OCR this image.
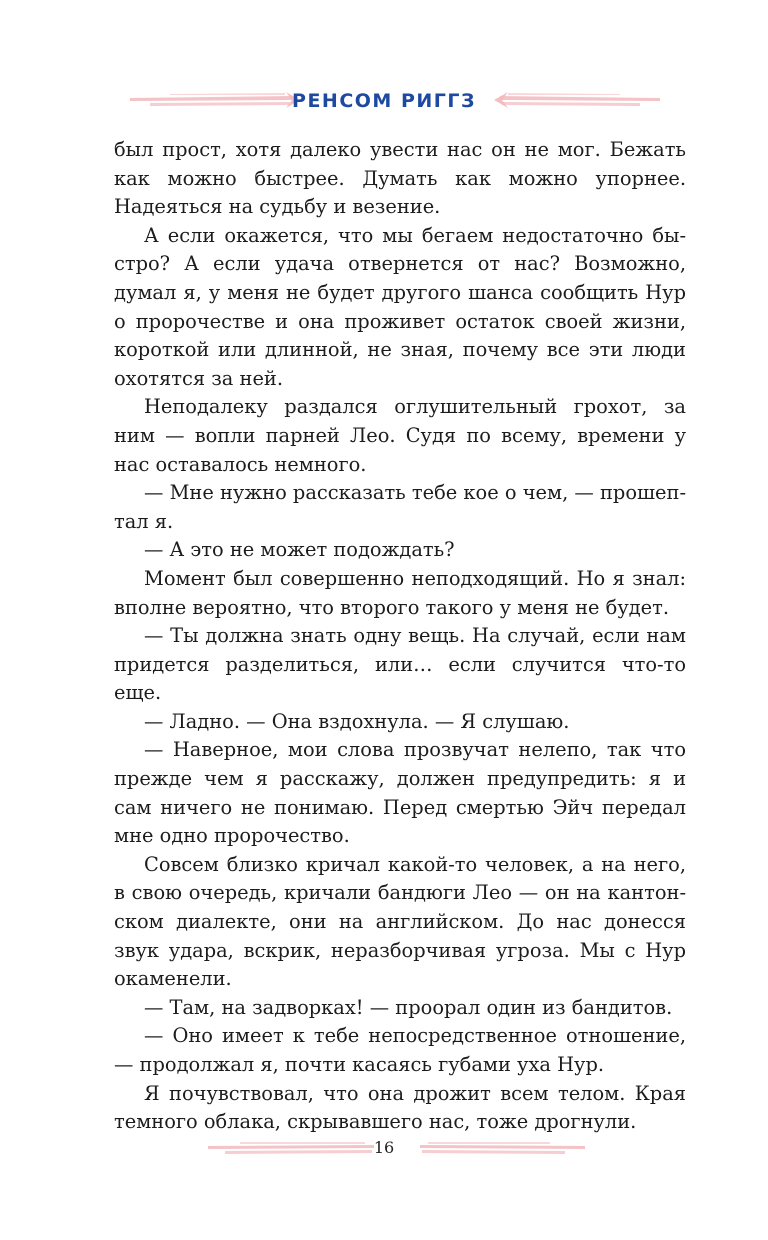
РЕНСОМ РИГГЗ

был прост, хотя далеко увести нас он не мог. Бежать как можно быстрее. Думать как можно упорнее. Надеяться на судьбу и везение.

А если окажется, что мы бегаем недостаточно быстро? А если удача отвернется от нас? Возможно, думал я, у меня не будет другого шанса сообщить Нур о пророчестве и она проживет остаток своей жизни, короткой или длинной, не зная, почему все эти люди охотятся за ней.

Неподалеку раздался оглушительный грохот, за ним — вопли парней Лео. Судя по всему, времени у нас оставалось немного.

— Мне нужно рассказать тебе кое о чем, — прошептал я.

— А это не может подождать?

Момент был совершенно неподходящий. Но я знал: вполне вероятно, что второго такого у меня не будет.

— Ты должна знать одну вещь. На случай, если нам придется разделиться, или… если случится что-то еще.

— Ладно. — Она вздохнула. — Я слушаю.

— Наверное, мои слова прозвучат нелепо, так что прежде чем я расскажу, должен предупредить: я и сам ничего не понимаю. Перед смертью Эйч передал мне одно пророчество.

Совсем близко кричал какой-то человек, а на него, в свою очередь, кричали бандюги Лео — он на кантонском диалекте, они на английском. До нас донесся звук удара, вскрик, неразборчивая угроза. Мы с Нур окаменели.

— Там, на задворках! — проорал один из бандитов.

— Оно имеет к тебе непосредственное отношение, — продолжал я, почти касаясь губами уха Нур.

Я почувствовал, что она дрожит всем телом. Края темного облака, скрывавшего нас, тоже дрогнули.

16
